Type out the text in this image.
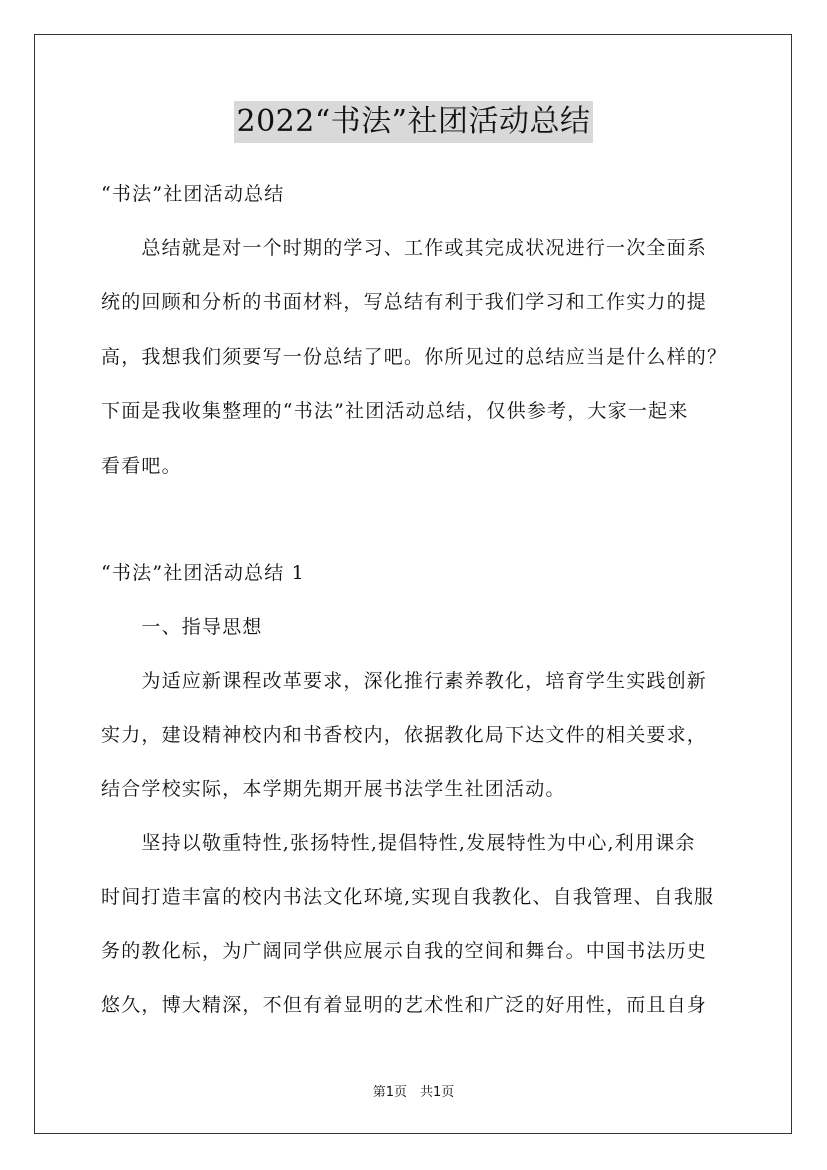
2022“书法”社团活动总结
“书法”社团活动总结
　　总结就是对一个时期的学习、工作或其完成状况进行一次全面系
统的回顾和分析的书面材料，写总结有利于我们学习和工作实力的提
高，我想我们须要写一份总结了吧。你所见过的总结应当是什么样的？
下面是我收集整理的“书法”社团活动总结，仅供参考，大家一起来
看看吧。
“书法”社团活动总结 1
　　一、指导思想
　　为适应新课程改革要求，深化推行素养教化，培育学生实践创新
实力，建设精神校内和书香校内，依据教化局下达文件的相关要求，
结合学校实际，本学期先期开展书法学生社团活动。
　　坚持以敬重特性,张扬特性,提倡特性,发展特性为中心,利用课余
时间打造丰富的校内书法文化环境,实现自我教化、自我管理、自我服
务的教化标，为广阔同学供应展示自我的空间和舞台。中国书法历史
悠久，博大精深，不但有着显明的艺术性和广泛的好用性，而且自身
第1页　共1页
